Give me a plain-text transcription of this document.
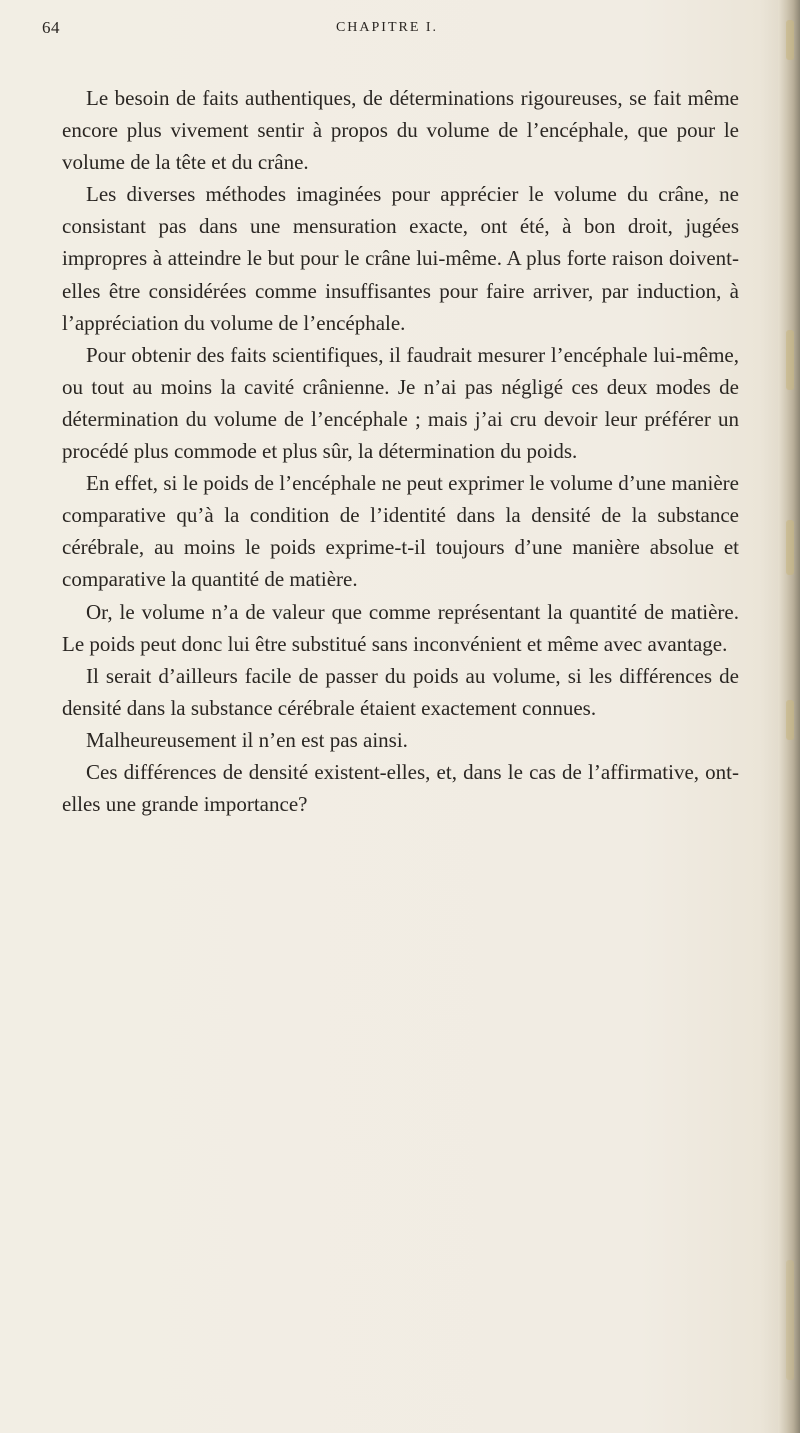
64	CHAPITRE I.

Le besoin de faits authentiques, de déterminations rigoureuses, se fait même encore plus vivement sentir à propos du volume de l’encéphale, que pour le volume de la tête et du crâne.

Les diverses méthodes imaginées pour apprécier le volume du crâne, ne consistant pas dans une mensuration exacte, ont été, à bon droit, jugées impropres à atteindre le but pour le crâne lui-même. A plus forte raison doivent-elles être considérées comme insuffisantes pour faire arriver, par induction, à l’appréciation du volume de l’encéphale.

Pour obtenir des faits scientifiques, il faudrait mesurer l’encéphale lui-même, ou tout au moins la cavité crânienne. Je n’ai pas négligé ces deux modes de détermination du volume de l’encéphale ; mais j’ai cru devoir leur préférer un procédé plus commode et plus sûr, la détermination du poids.

En effet, si le poids de l’encéphale ne peut exprimer le volume d’une manière comparative qu’à la condition de l’identité dans la densité de la substance cérébrale, au moins le poids exprime-t-il toujours d’une manière absolue et comparative la quantité de matière.

Or, le volume n’a de valeur que comme représentant la quantité de matière. Le poids peut donc lui être substitué sans inconvénient et même avec avantage.

Il serait d’ailleurs facile de passer du poids au volume, si les différences de densité dans la substance cérébrale étaient exactement connues.

Malheureusement il n’en est pas ainsi.

Ces différences de densité existent-elles, et, dans le cas de l’affirmative, ont-elles une grande importance?
